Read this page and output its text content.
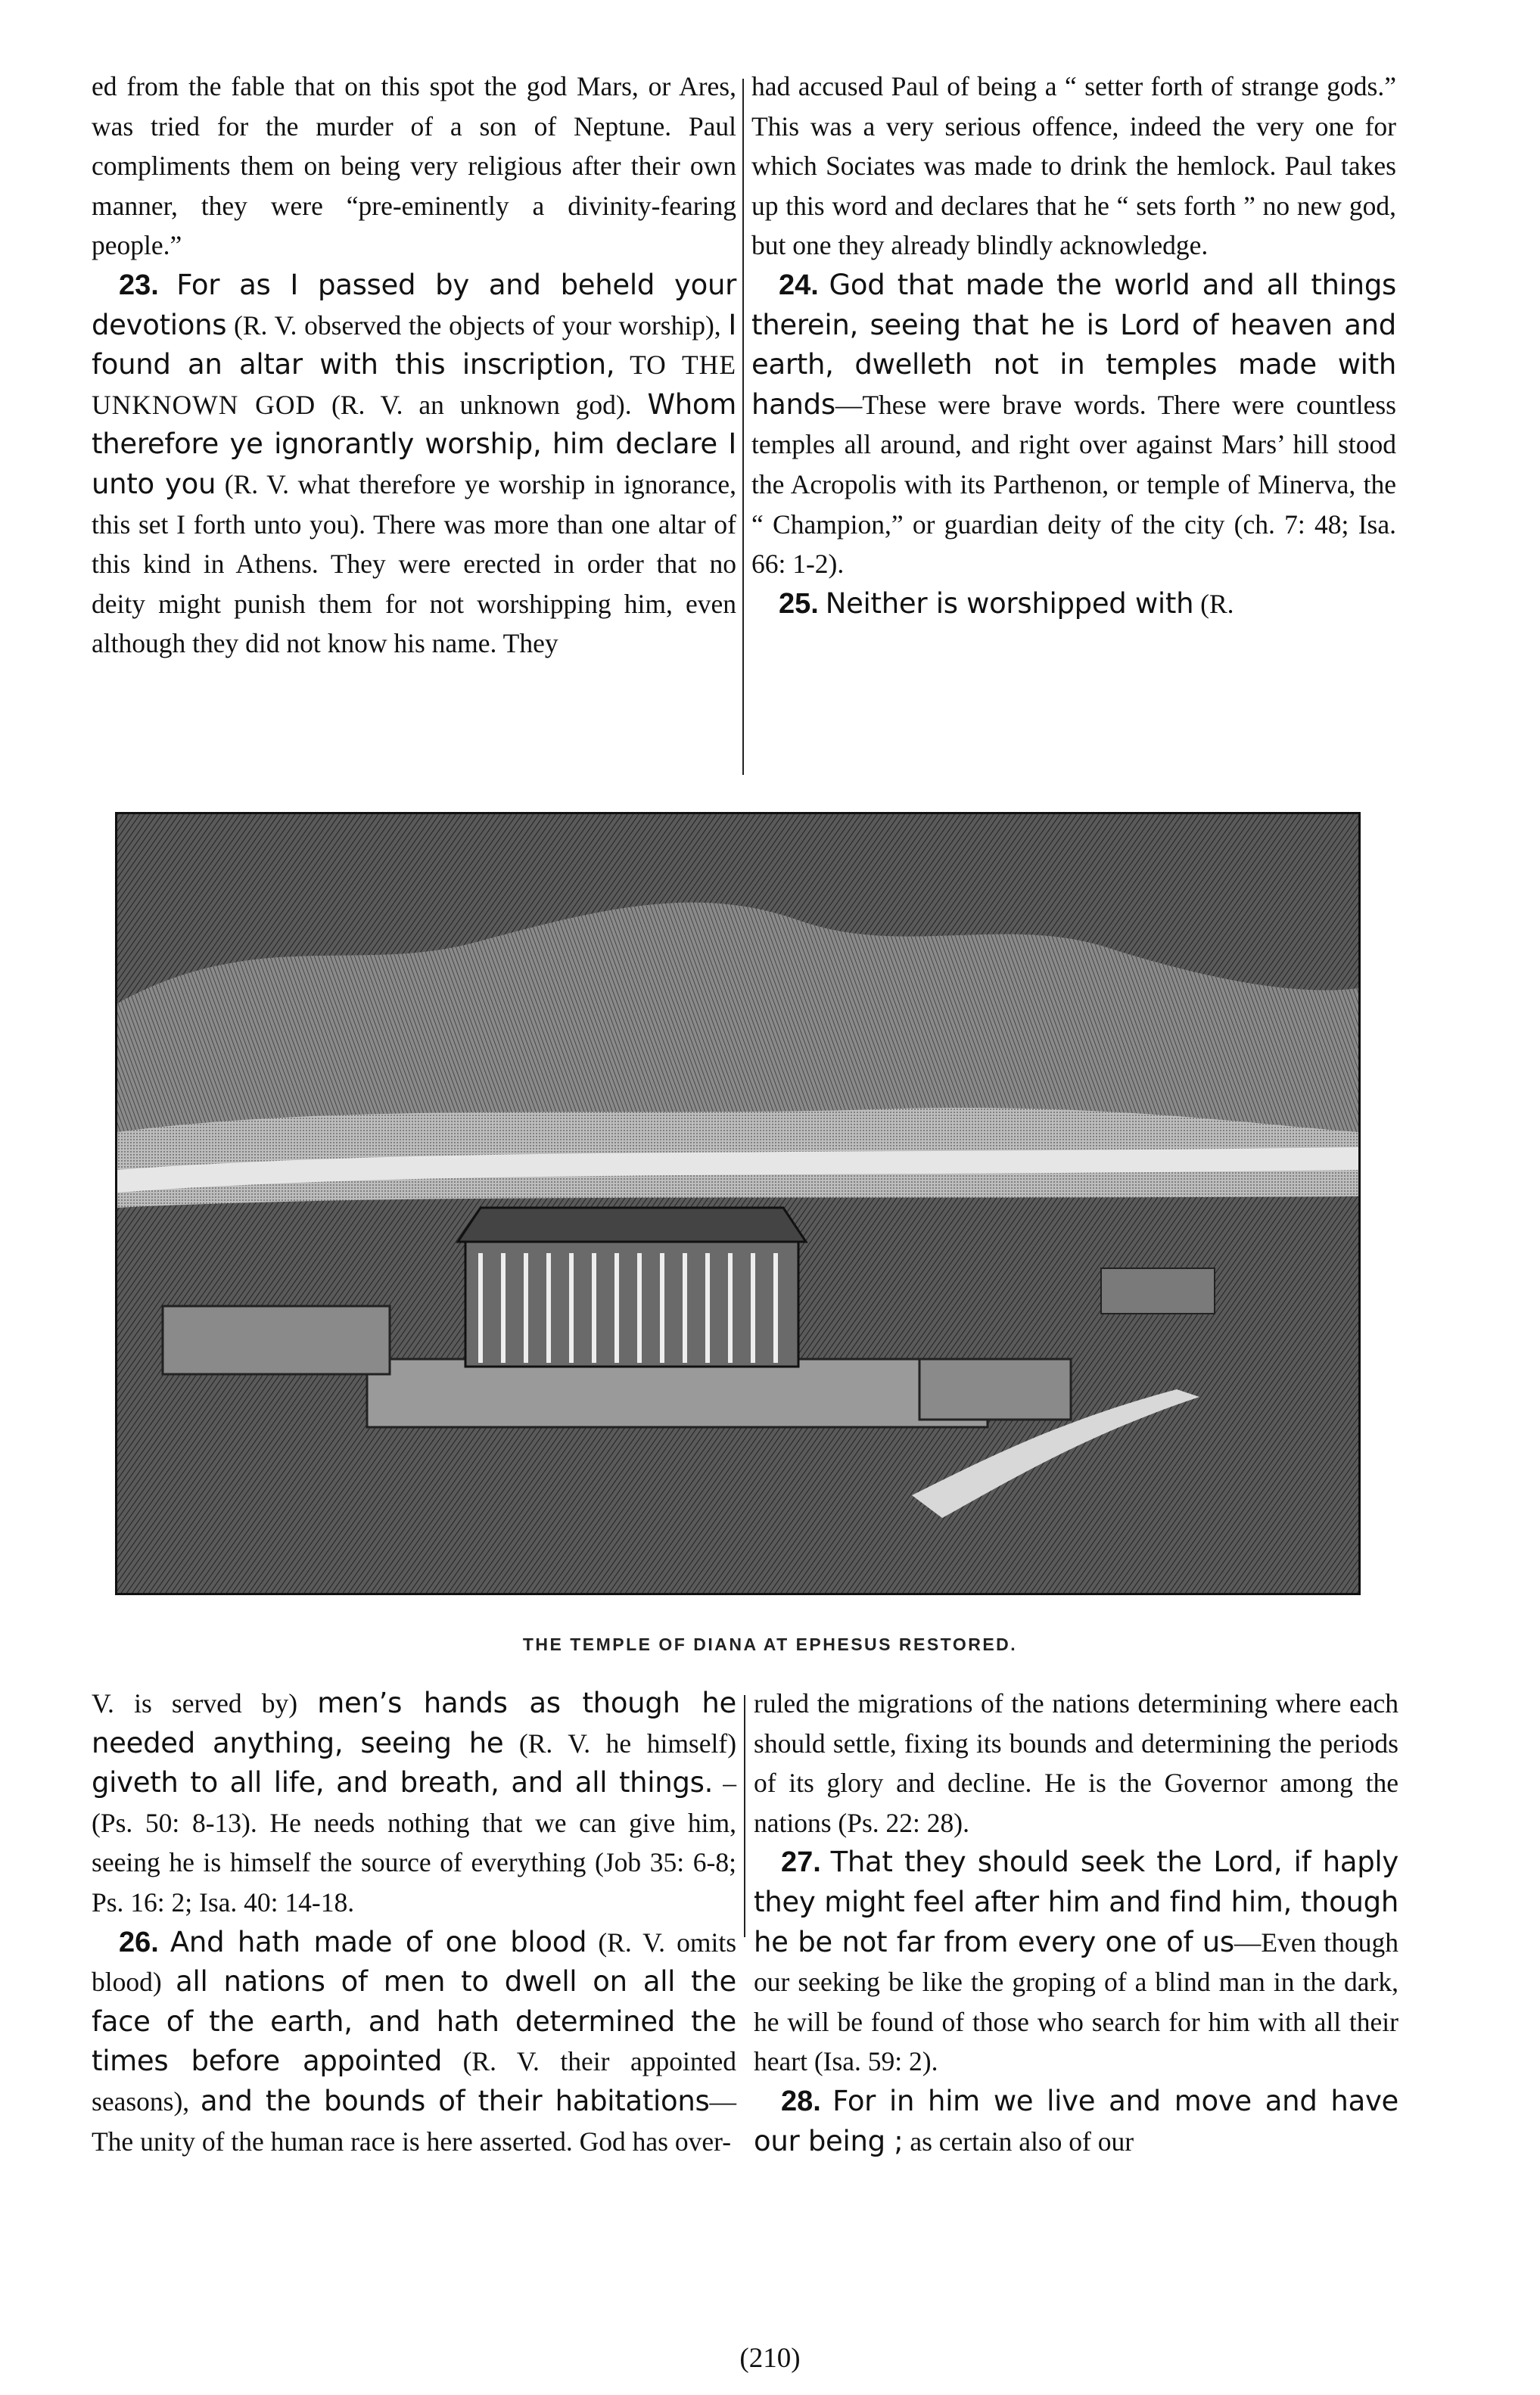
ed from the fable that on this spot the god Mars, or Ares, was tried for the murder of a son of Neptune. Paul compliments them on being very religious after their own manner, they were “pre-eminently a divinity-fearing people.”

23. For as I passed by and beheld your devotions (R. V. observed the objects of your worship), I found an altar with this inscription, TO THE UNKNOWN GOD (R. V. an unknown god). Whom therefore ye ignorantly worship, him declare I unto you (R. V. what therefore ye worship in ignorance, this set I forth unto you). There was more than one altar of this kind in Athens. They were erected in order that no deity might punish them for not worshipping him, even although they did not know his name. They

had accused Paul of being a “ setter forth of strange gods.” This was a very serious offence, indeed the very one for which Sociates was made to drink the hemlock. Paul takes up this word and declares that he “ sets forth ” no new god, but one they already blindly acknowledge.

24. God that made the world and all things therein, seeing that he is Lord of heaven and earth, dwelleth not in temples made with hands—These were brave words. There were countless temples all around, and right over against Mars’ hill stood the Acropolis with its Parthenon, or temple of Minerva, the “ Champion,” or guardian deity of the city (ch. 7: 48; Isa. 66: 1-2).

25. Neither is worshipped with (R.

THE TEMPLE OF DIANA AT EPHESUS RESTORED.

V. is served by) men’s hands as though he needed anything, seeing he (R. V. he himself) giveth to all life, and breath, and all things. –(Ps. 50: 8-13). He needs nothing that we can give him, seeing he is himself the source of everything (Job 35: 6-8; Ps. 16: 2; Isa. 40: 14-18.

26. And hath made of one blood (R. V. omits blood) all nations of men to dwell on all the face of the earth, and hath determined the times before appointed (R. V. their appointed seasons), and the bounds of their habitations—The unity of the human race is here asserted. God has over-

ruled the migrations of the nations determining where each should settle, fixing its bounds and determining the periods of its glory and decline. He is the Governor among the nations (Ps. 22: 28).

27. That they should seek the Lord, if haply they might feel after him and find him, though he be not far from every one of us—Even though our seeking be like the groping of a blind man in the dark, he will be found of those who search for him with all their heart (Isa. 59: 2).

28. For in him we live and move and have our being ; as certain also of our

(210)
